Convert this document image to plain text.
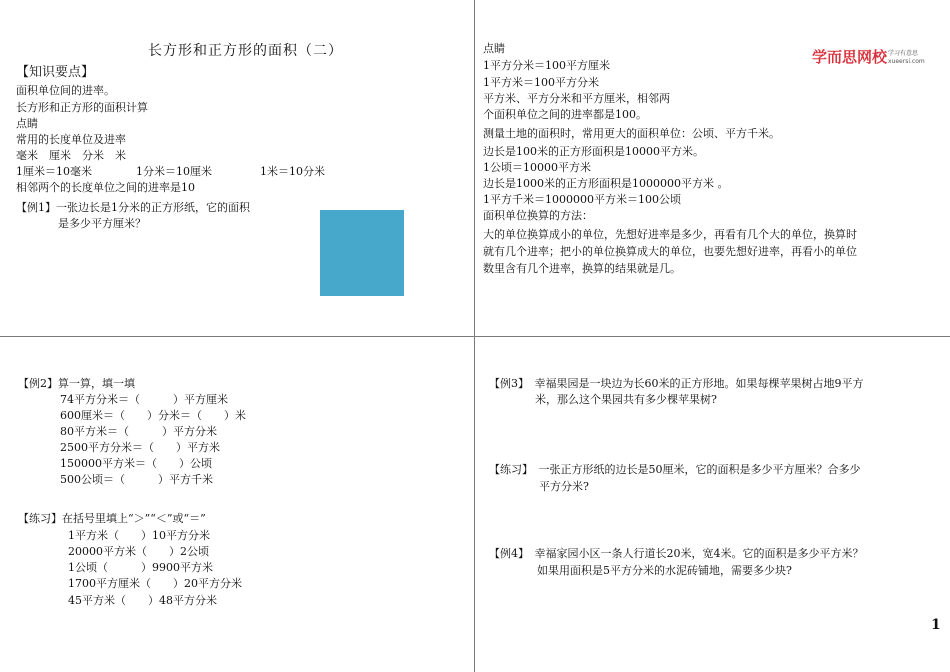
长方形和正方形的面积（二）
【知识要点】
面积单位间的进率。
长方形和正方形的面积计算
点睛
常用的长度单位及进率
毫米　厘米　分米　米
1厘米＝10毫米	1分米＝10厘米	1米＝10分米
相邻两个的长度单位之间的进率是10
【例1】一张边长是1分米的正方形纸，它的面积
是多少平方厘米？
学而思网校 学习有意思
xueersi.com
点睛
1平方分米＝100平方厘米
1平方米＝100平方分米
平方米、平方分米和平方厘米，相邻两
个面积单位之间的进率都是100。
测量土地的面积时，常用更大的面积单位：公顷、平方千米。
边长是100米的正方形面积是10000平方米。
1公顷＝10000平方米
边长是1000米的正方形面积是1000000平方米 。
1平方千米＝1000000平方米＝100公顷
面积单位换算的方法：
大的单位换算成小的单位，先想好进率是多少，再看有几个大的单位，换算时
就有几个进率；把小的单位换算成大的单位，也要先想好进率，再看小的单位
数里含有几个进率，换算的结果就是几。
【例2】算一算，填一填
74平方分米＝（　　　）平方厘米
600厘米＝（　　）分米＝（　　）米
80平方米＝（　　　）平方分米
2500平方分米＝（　　）平方米
150000平方米＝（　　）公顷
500公顷＝（　　　）平方千米
【练习】在括号里填上“＞”“＜”或“＝”
1平方米（　　）10平方分米
20000平方米（　　）2公顷
1公顷（　　　）9900平方米
1700平方厘米（　　）20平方分米
45平方米（　　）48平方分米
【例3】　幸福果园是一块边为长60米的正方形地。如果每棵苹果树占地9平方
米，那么这个果园共有多少棵苹果树?
【练习】　一张正方形纸的边长是50厘米，它的面积是多少平方厘米？合多少
平方分米?
【例4】　幸福家园小区一条人行道长20米，宽4米。它的面积是多少平方米？
如果用面积是5平方分米的水泥砖铺地，需要多少块?
1
